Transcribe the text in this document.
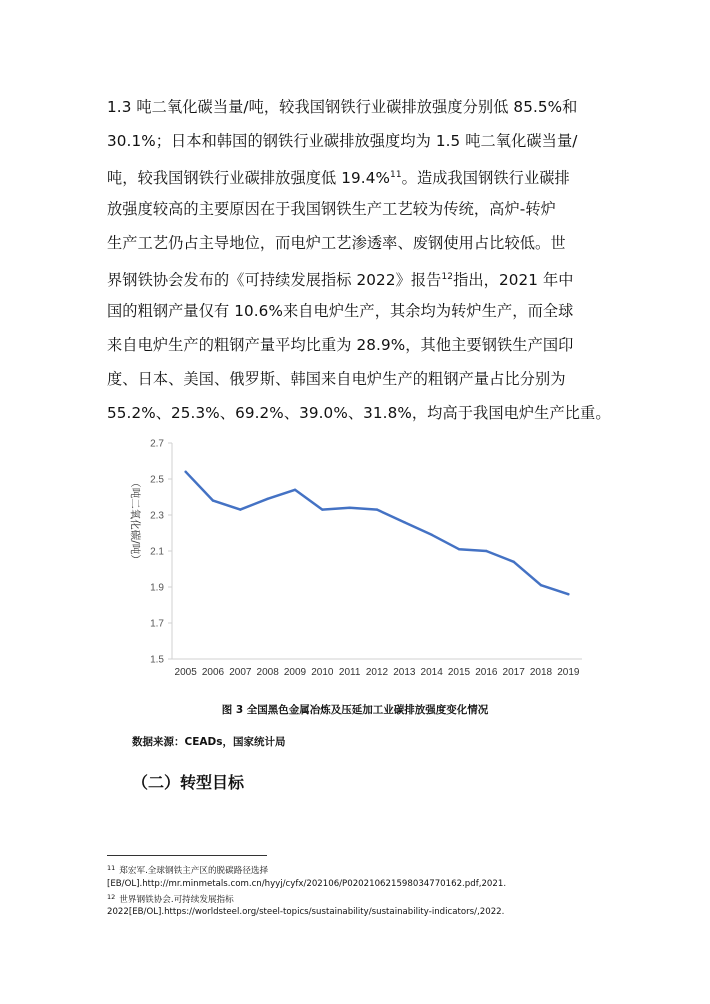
1.3 吨二氧化碳当量/吨，较我国钢铁行业碳排放强度分别低 85.5%和
30.1%；日本和韩国的钢铁行业碳排放强度均为 1.5 吨二氧化碳当量/
吨，较我国钢铁行业碳排放强度低 19.4%$^{11}$。造成我国钢铁行业碳排
放强度较高的主要原因在于我国钢铁生产工艺较为传统，高炉-转炉
生产工艺仍占主导地位，而电炉工艺渗透率、废钢使用占比较低。世
界钢铁协会发布的《可持续发展指标 2022》报告$^{12}$指出，2021 年中
国的粗钢产量仅有 10.6%来自电炉生产，其余均为转炉生产，而全球
来自电炉生产的粗钢产量平均比重为 28.9%，其他主要钢铁生产国印
度、日本、美国、俄罗斯、韩国来自电炉生产的粗钢产量占比分别为
55.2%、25.3%、69.2%、39.0%、31.8%，均高于我国电炉生产比重。
1.5
1.7
1.9
2.1
2.3
2.5
2.7
2005 2006 2007 2008 2009 2010 2011 2012 2013 2014 2015 2016 2017 2018 2019
（吨二氧化碳/吨）
图 3 全国黑色金属冶炼及压延加工业碳排放强度变化情况
数据来源：CEADs，国家统计局
（二）转型目标
$^{11}$ 郑宏军.全球钢铁主产区的脱碳路径选择
[EB/OL].http://mr.minmetals.com.cn/hyyj/cyfx/202106/P020210621598034770162.pdf,2021.
$^{12}$ 世界钢铁协会.可持续发展指标
2022[EB/OL].https://worldsteel.org/steel-topics/sustainability/sustainability-indicators/,2022.
